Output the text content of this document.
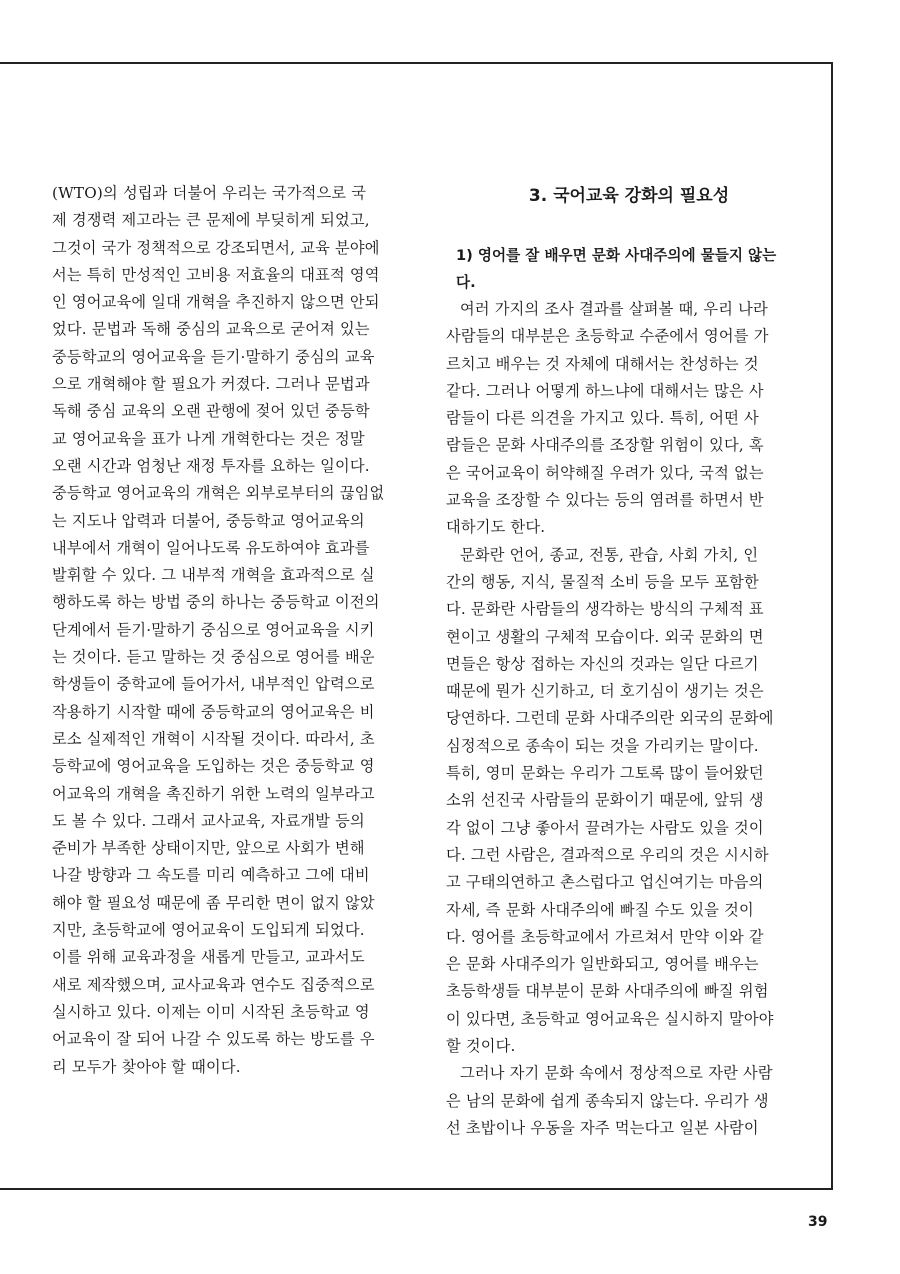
(WTO)의 성립과 더불어 우리는 국가적으로 국
제 경쟁력 제고라는 큰 문제에 부딪히게 되었고,
그것이 국가 정책적으로 강조되면서, 교육 분야에
서는 특히 만성적인 고비용 저효율의 대표적 영역
인 영어교육에 일대 개혁을 추진하지 않으면 안되
었다. 문법과 독해 중심의 교육으로 굳어져 있는
중등학교의 영어교육을 듣기·말하기 중심의 교육
으로 개혁해야 할 필요가 커졌다. 그러나 문법과
독해 중심 교육의 오랜 관행에 젖어 있던 중등학
교 영어교육을 표가 나게 개혁한다는 것은 정말
오랜 시간과 엄청난 재정 투자를 요하는 일이다.
중등학교 영어교육의 개혁은 외부로부터의 끊임없
는 지도나 압력과 더불어, 중등학교 영어교육의
내부에서 개혁이 일어나도록 유도하여야 효과를
발휘할 수 있다. 그 내부적 개혁을 효과적으로 실
행하도록 하는 방법 중의 하나는 중등학교 이전의
단계에서 듣기·말하기 중심으로 영어교육을 시키
는 것이다. 듣고 말하는 것 중심으로 영어를 배운
학생들이 중학교에 들어가서, 내부적인 압력으로
작용하기 시작할 때에 중등학교의 영어교육은 비
로소 실제적인 개혁이 시작될 것이다. 따라서, 초
등학교에 영어교육을 도입하는 것은 중등학교 영
어교육의 개혁을 촉진하기 위한 노력의 일부라고
도 볼 수 있다. 그래서 교사교육, 자료개발 등의
준비가 부족한 상태이지만, 앞으로 사회가 변해
나갈 방향과 그 속도를 미리 예측하고 그에 대비
해야 할 필요성 때문에 좀 무리한 면이 없지 않았
지만, 초등학교에 영어교육이 도입되게 되었다.
이를 위해 교육과정을 새롭게 만들고, 교과서도
새로 제작했으며, 교사교육과 연수도 집중적으로
실시하고 있다. 이제는 이미 시작된 초등학교 영
어교육이 잘 되어 나갈 수 있도록 하는 방도를 우
리 모두가 찾아야 할 때이다.
3. 국어교육 강화의 필요성
1) 영어를 잘 배우면 문화 사대주의에 물들지 않는
다.
여러 가지의 조사 결과를 살펴볼 때, 우리 나라
사람들의 대부분은 초등학교 수준에서 영어를 가
르치고 배우는 것 자체에 대해서는 찬성하는 것
같다. 그러나 어떻게 하느냐에 대해서는 많은 사
람들이 다른 의견을 가지고 있다. 특히, 어떤 사
람들은 문화 사대주의를 조장할 위험이 있다, 혹
은 국어교육이 허약해질 우려가 있다, 국적 없는
교육을 조장할 수 있다는 등의 염려를 하면서 반
대하기도 한다.
문화란 언어, 종교, 전통, 관습, 사회 가치, 인
간의 행동, 지식, 물질적 소비 등을 모두 포함한
다. 문화란 사람들의 생각하는 방식의 구체적 표
현이고 생활의 구체적 모습이다. 외국 문화의 면
면들은 항상 접하는 자신의 것과는 일단 다르기
때문에 뭔가 신기하고, 더 호기심이 생기는 것은
당연하다. 그런데 문화 사대주의란 외국의 문화에
심정적으로 종속이 되는 것을 가리키는 말이다.
특히, 영미 문화는 우리가 그토록 많이 들어왔던
소위 선진국 사람들의 문화이기 때문에, 앞뒤 생
각 없이 그냥 좋아서 끌려가는 사람도 있을 것이
다. 그런 사람은, 결과적으로 우리의 것은 시시하
고 구태의연하고 촌스럽다고 업신여기는 마음의
자세, 즉 문화 사대주의에 빠질 수도 있을 것이
다. 영어를 초등학교에서 가르쳐서 만약 이와 같
은 문화 사대주의가 일반화되고, 영어를 배우는
초등학생들 대부분이 문화 사대주의에 빠질 위험
이 있다면, 초등학교 영어교육은 실시하지 말아야
할 것이다.
그러나 자기 문화 속에서 정상적으로 자란 사람
은 남의 문화에 쉽게 종속되지 않는다. 우리가 생
선 초밥이나 우동을 자주 먹는다고 일본 사람이
39
